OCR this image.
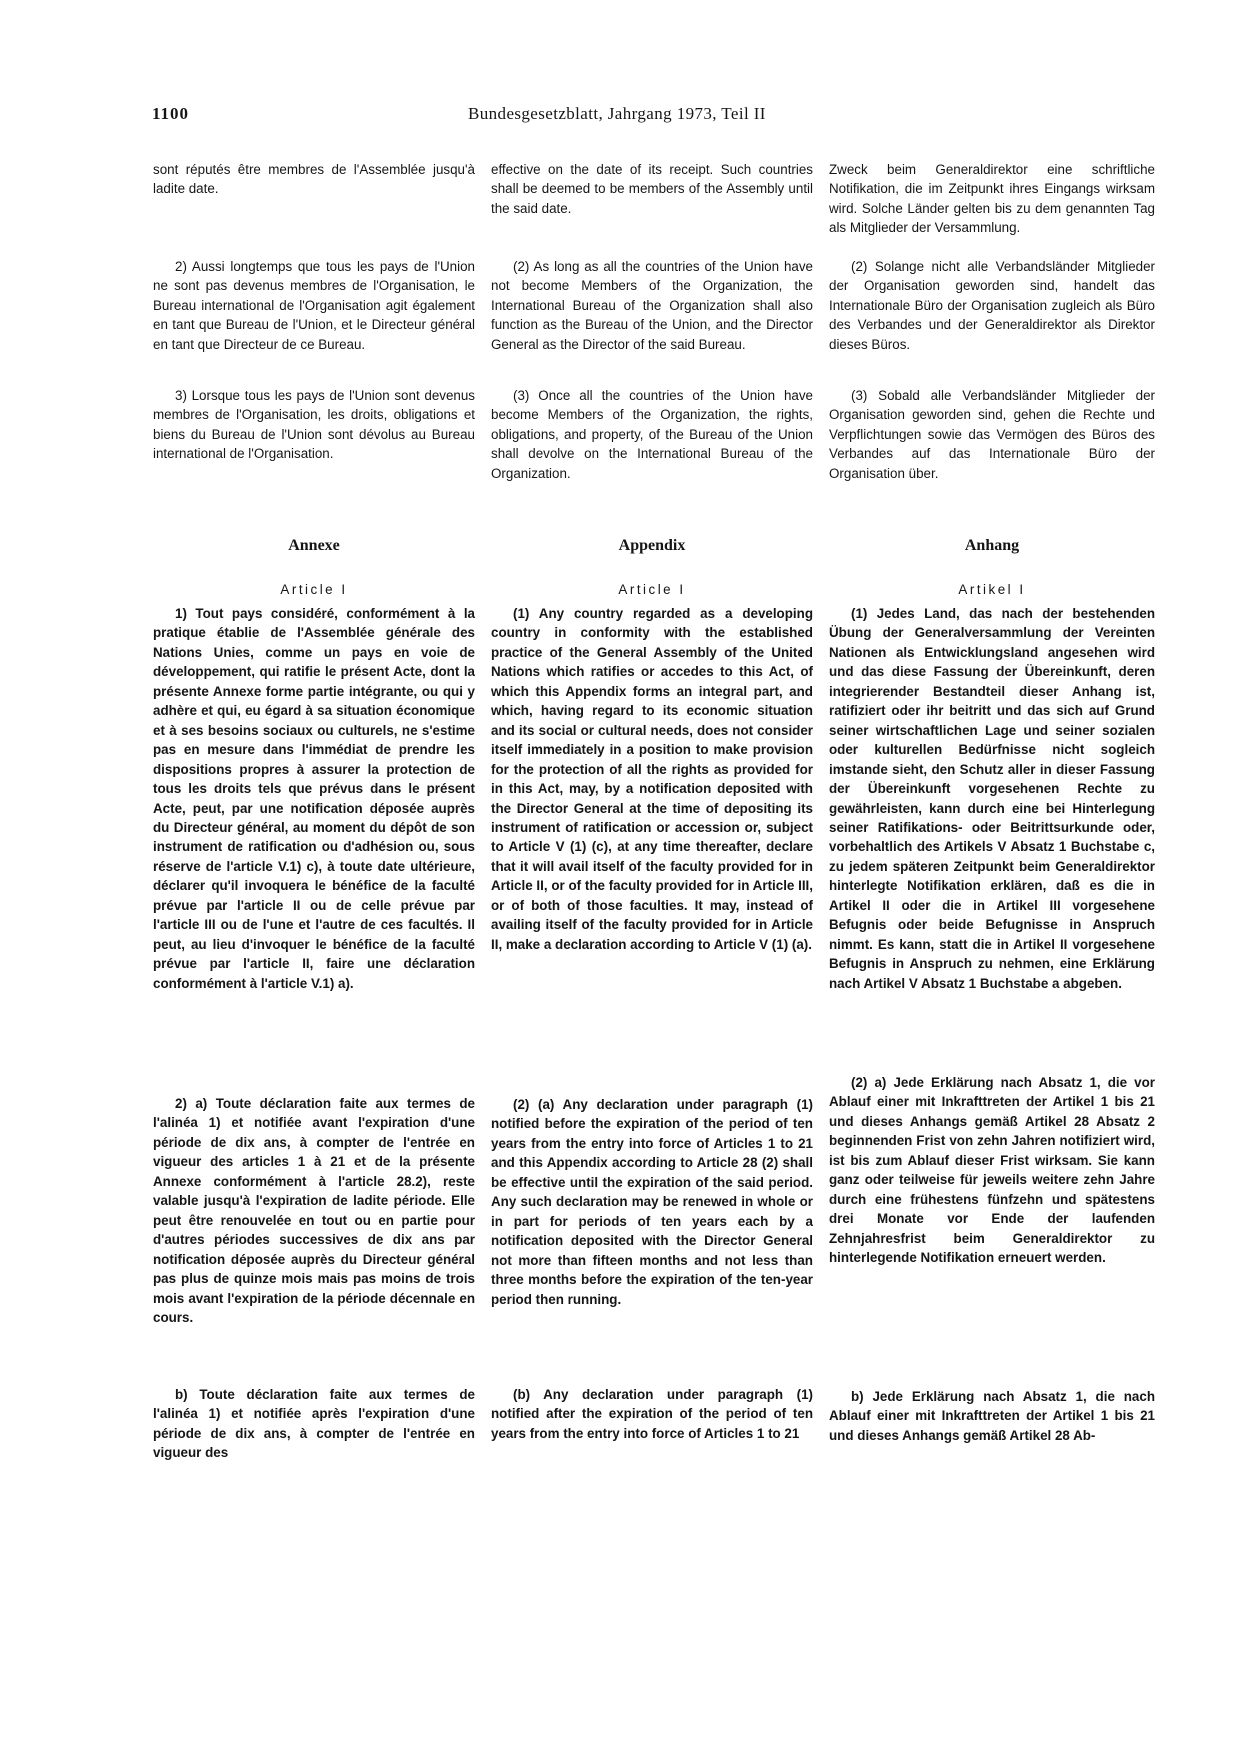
1100	Bundesgesetzblatt, Jahrgang 1973, Teil II

sont réputés être membres de l'Assemblée jusqu'à ladite date.

2) Aussi longtemps que tous les pays de l'Union ne sont pas devenus membres de l'Organisation, le Bureau international de l'Organisation agit également en tant que Bureau de l'Union, et le Directeur général en tant que Directeur de ce Bureau.

3) Lorsque tous les pays de l'Union sont devenus membres de l'Organisation, les droits, obligations et biens du Bureau de l'Union sont dévolus au Bureau international de l'Organisation.

Annexe
Article I

1) Tout pays considéré, conformément à la pratique établie de l'Assemblée générale des Nations Unies, comme un pays en voie de développement, qui ratifie le présent Acte, dont la présente Annexe forme partie intégrante, ou qui y adhère et qui, eu égard à sa situation économique et à ses besoins sociaux ou culturels, ne s'estime pas en mesure dans l'immédiat de prendre les dispositions propres à assurer la protection de tous les droits tels que prévus dans le présent Acte, peut, par une notification déposée auprès du Directeur général, au moment du dépôt de son instrument de ratification ou d'adhésion ou, sous réserve de l'article V.1) c), à toute date ultérieure, déclarer qu'il invoquera le bénéfice de la faculté prévue par l'article II ou de celle prévue par l'article III ou de l'une et l'autre de ces facultés. Il peut, au lieu d'invoquer le bénéfice de la faculté prévue par l'article II, faire une déclaration conformément à l'article V.1) a).

2) a) Toute déclaration faite aux termes de l'alinéa 1) et notifiée avant l'expiration d'une période de dix ans, à compter de l'entrée en vigueur des articles 1 à 21 et de la présente Annexe conformément à l'article 28.2), reste valable jusqu'à l'expiration de ladite période. Elle peut être renouvelée en tout ou en partie pour d'autres périodes successives de dix ans par notification déposée auprès du Directeur général pas plus de quinze mois mais pas moins de trois mois avant l'expiration de la période décennale en cours.

b) Toute déclaration faite aux termes de l'alinéa 1) et notifiée après l'expiration d'une période de dix ans, à compter de l'entrée en vigueur des

effective on the date of its receipt. Such countries shall be deemed to be members of the Assembly until the said date.

(2) As long as all the countries of the Union have not become Members of the Organization, the International Bureau of the Organization shall also function as the Bureau of the Union, and the Director General as the Director of the said Bureau.

(3) Once all the countries of the Union have become Members of the Organization, the rights, obligations, and property, of the Bureau of the Union shall devolve on the International Bureau of the Organization.

Appendix
Article I

(1) Any country regarded as a developing country in conformity with the established practice of the General Assembly of the United Nations which ratifies or accedes to this Act, of which this Appendix forms an integral part, and which, having regard to its economic situation and its social or cultural needs, does not consider itself immediately in a position to make provision for the protection of all the rights as provided for in this Act, may, by a notification deposited with the Director General at the time of depositing its instrument of ratification or accession or, subject to Article V (1) (c), at any time thereafter, declare that it will avail itself of the faculty provided for in Article II, or of the faculty provided for in Article III, or of both of those faculties. It may, instead of availing itself of the faculty provided for in Article II, make a declaration according to Article V (1) (a).

(2) (a) Any declaration under paragraph (1) notified before the expiration of the period of ten years from the entry into force of Articles 1 to 21 and this Appendix according to Article 28 (2) shall be effective until the expiration of the said period. Any such declaration may be renewed in whole or in part for periods of ten years each by a notification deposited with the Director General not more than fifteen months and not less than three months before the expiration of the ten-year period then running.

(b) Any declaration under paragraph (1) notified after the expiration of the period of ten years from the entry into force of Articles 1 to 21

Zweck beim Generaldirektor eine schriftliche Notifikation, die im Zeitpunkt ihres Eingangs wirksam wird. Solche Länder gelten bis zu dem genannten Tag als Mitglieder der Versammlung.

(2) Solange nicht alle Verbandsländer Mitglieder der Organisation geworden sind, handelt das Internationale Büro der Organisation zugleich als Büro des Verbandes und der Generaldirektor als Direktor dieses Büros.

(3) Sobald alle Verbandsländer Mitglieder der Organisation geworden sind, gehen die Rechte und Verpflichtungen sowie das Vermögen des Büros des Verbandes auf das Internationale Büro der Organisation über.

Anhang
Artikel I

(1) Jedes Land, das nach der bestehenden Übung der Generalversammlung der Vereinten Nationen als Entwicklungsland angesehen wird und das diese Fassung der Übereinkunft, deren integrierender Bestandteil dieser Anhang ist, ratifiziert oder ihr beitritt und das sich auf Grund seiner wirtschaftlichen Lage und seiner sozialen oder kulturellen Bedürfnisse nicht sogleich imstande sieht, den Schutz aller in dieser Fassung der Übereinkunft vorgesehenen Rechte zu gewährleisten, kann durch eine bei Hinterlegung seiner Ratifikations- oder Beitrittsurkunde oder, vorbehaltlich des Artikels V Absatz 1 Buchstabe c, zu jedem späteren Zeitpunkt beim Generaldirektor hinterlegte Notifikation erklären, daß es die in Artikel II oder die in Artikel III vorgesehene Befugnis oder beide Befugnisse in Anspruch nimmt. Es kann, statt die in Artikel II vorgesehene Befugnis in Anspruch zu nehmen, eine Erklärung nach Artikel V Absatz 1 Buchstabe a abgeben.

(2) a) Jede Erklärung nach Absatz 1, die vor Ablauf einer mit Inkrafttreten der Artikel 1 bis 21 und dieses Anhangs gemäß Artikel 28 Absatz 2 beginnenden Frist von zehn Jahren notifiziert wird, ist bis zum Ablauf dieser Frist wirksam. Sie kann ganz oder teilweise für jeweils weitere zehn Jahre durch eine frühestens fünfzehn und spätestens drei Monate vor Ende der laufenden Zehnjahresfrist beim Generaldirektor zu hinterlegende Notifikation erneuert werden.

b) Jede Erklärung nach Absatz 1, die nach Ablauf einer mit Inkrafttreten der Artikel 1 bis 21 und dieses Anhangs gemäß Artikel 28 Ab-
